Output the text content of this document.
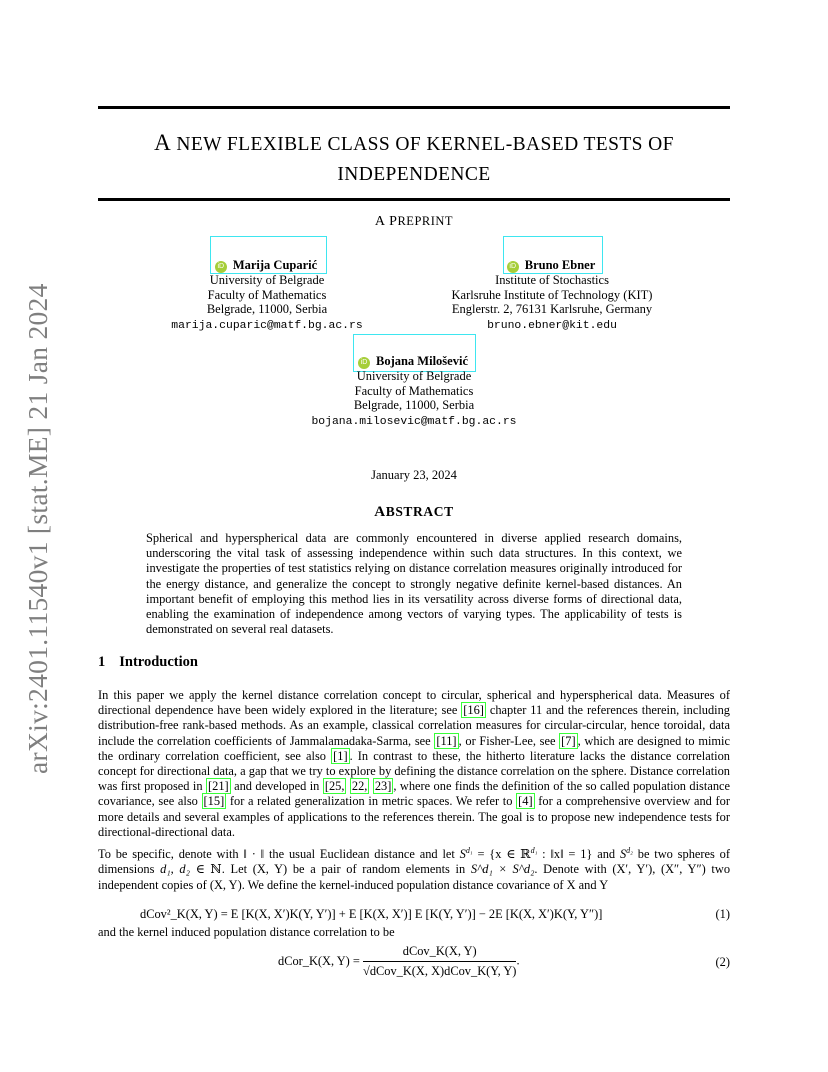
arXiv:2401.11540v1 [stat.ME] 21 Jan 2024
A NEW FLEXIBLE CLASS OF KERNEL-BASED TESTS OF
INDEPENDENCE
A PREPRINT
iD Marija Cuparić
University of Belgrade
Faculty of Mathematics
Belgrade, 11000, Serbia
marija.cuparic@matf.bg.ac.rs
iD Bruno Ebner
Institute of Stochastics
Karlsruhe Institute of Technology (KIT)
Englerstr. 2, 76131 Karlsruhe, Germany
bruno.ebner@kit.edu
iD Bojana Milošević
University of Belgrade
Faculty of Mathematics
Belgrade, 11000, Serbia
bojana.milosevic@matf.bg.ac.rs
January 23, 2024
ABSTRACT
Spherical and hyperspherical data are commonly encountered in diverse applied research domains, underscoring the vital task of assessing independence within such data structures. In this context, we investigate the properties of test statistics relying on distance correlation measures originally introduced for the energy distance, and generalize the concept to strongly negative definite kernel-based distances. An important benefit of employing this method lies in its versatility across diverse forms of directional data, enabling the examination of independence among vectors of varying types. The applicability of tests is demonstrated on several real datasets.
1 Introduction
In this paper we apply the kernel distance correlation concept to circular, spherical and hyperspherical data. Measures of directional dependence have been widely explored in the literature; see [16] chapter 11 and the references therein, including distribution-free rank-based methods. As an example, classical correlation measures for circular-circular, hence toroidal, data include the correlation coefficients of Jammalamadaka-Sarma, see [11] , or Fisher-Lee, see [7] , which are designed to mimic the ordinary correlation coefficient, see also [1] . In contrast to these, the hitherto literature lacks the distance correlation concept for directional data, a gap that we try to explore by defining the distance correlation on the sphere. Distance correlation was first proposed in [21] and developed in [25, 22, 23] , where one finds the definition of the so called population distance covariance, see also [15] for a related generalization in metric spaces. We refer to [4] for a comprehensive overview and for more details and several examples of applications to the references therein. The goal is to propose new independence tests for directional-directional data.
To be specific, denote with ‖ · ‖ the usual Euclidean distance and let $S^{d_1} = \{x$ ∈ ℝ$^{d_1}$ : ‖x‖ = 1} and $S^{d_2}$ be two spheres of dimensions d₁, d₂ ∈ ℕ. Let (X, Y) be a pair of random elements in S^d₁ × S^d₂. Denote with (X′, Y′), (X″, Y″) two independent copies of (X, Y). We define the kernel-induced population distance covariance of X and Y
dCov²_K(X, Y) = E [K(X, X′)K(Y, Y′)] + E [K(X, X′)] E [K(Y, Y′)] − 2E [K(X, X′)K(Y, Y″)]	(1)
and the kernel induced population distance correlation to be
dCor_K(X, $Y) = \frac{\text{dCov\_K(X, Y)}}{\text{√dCov\_K(X, X)dCov\_K(Y, Y)}}$ .	(2)
